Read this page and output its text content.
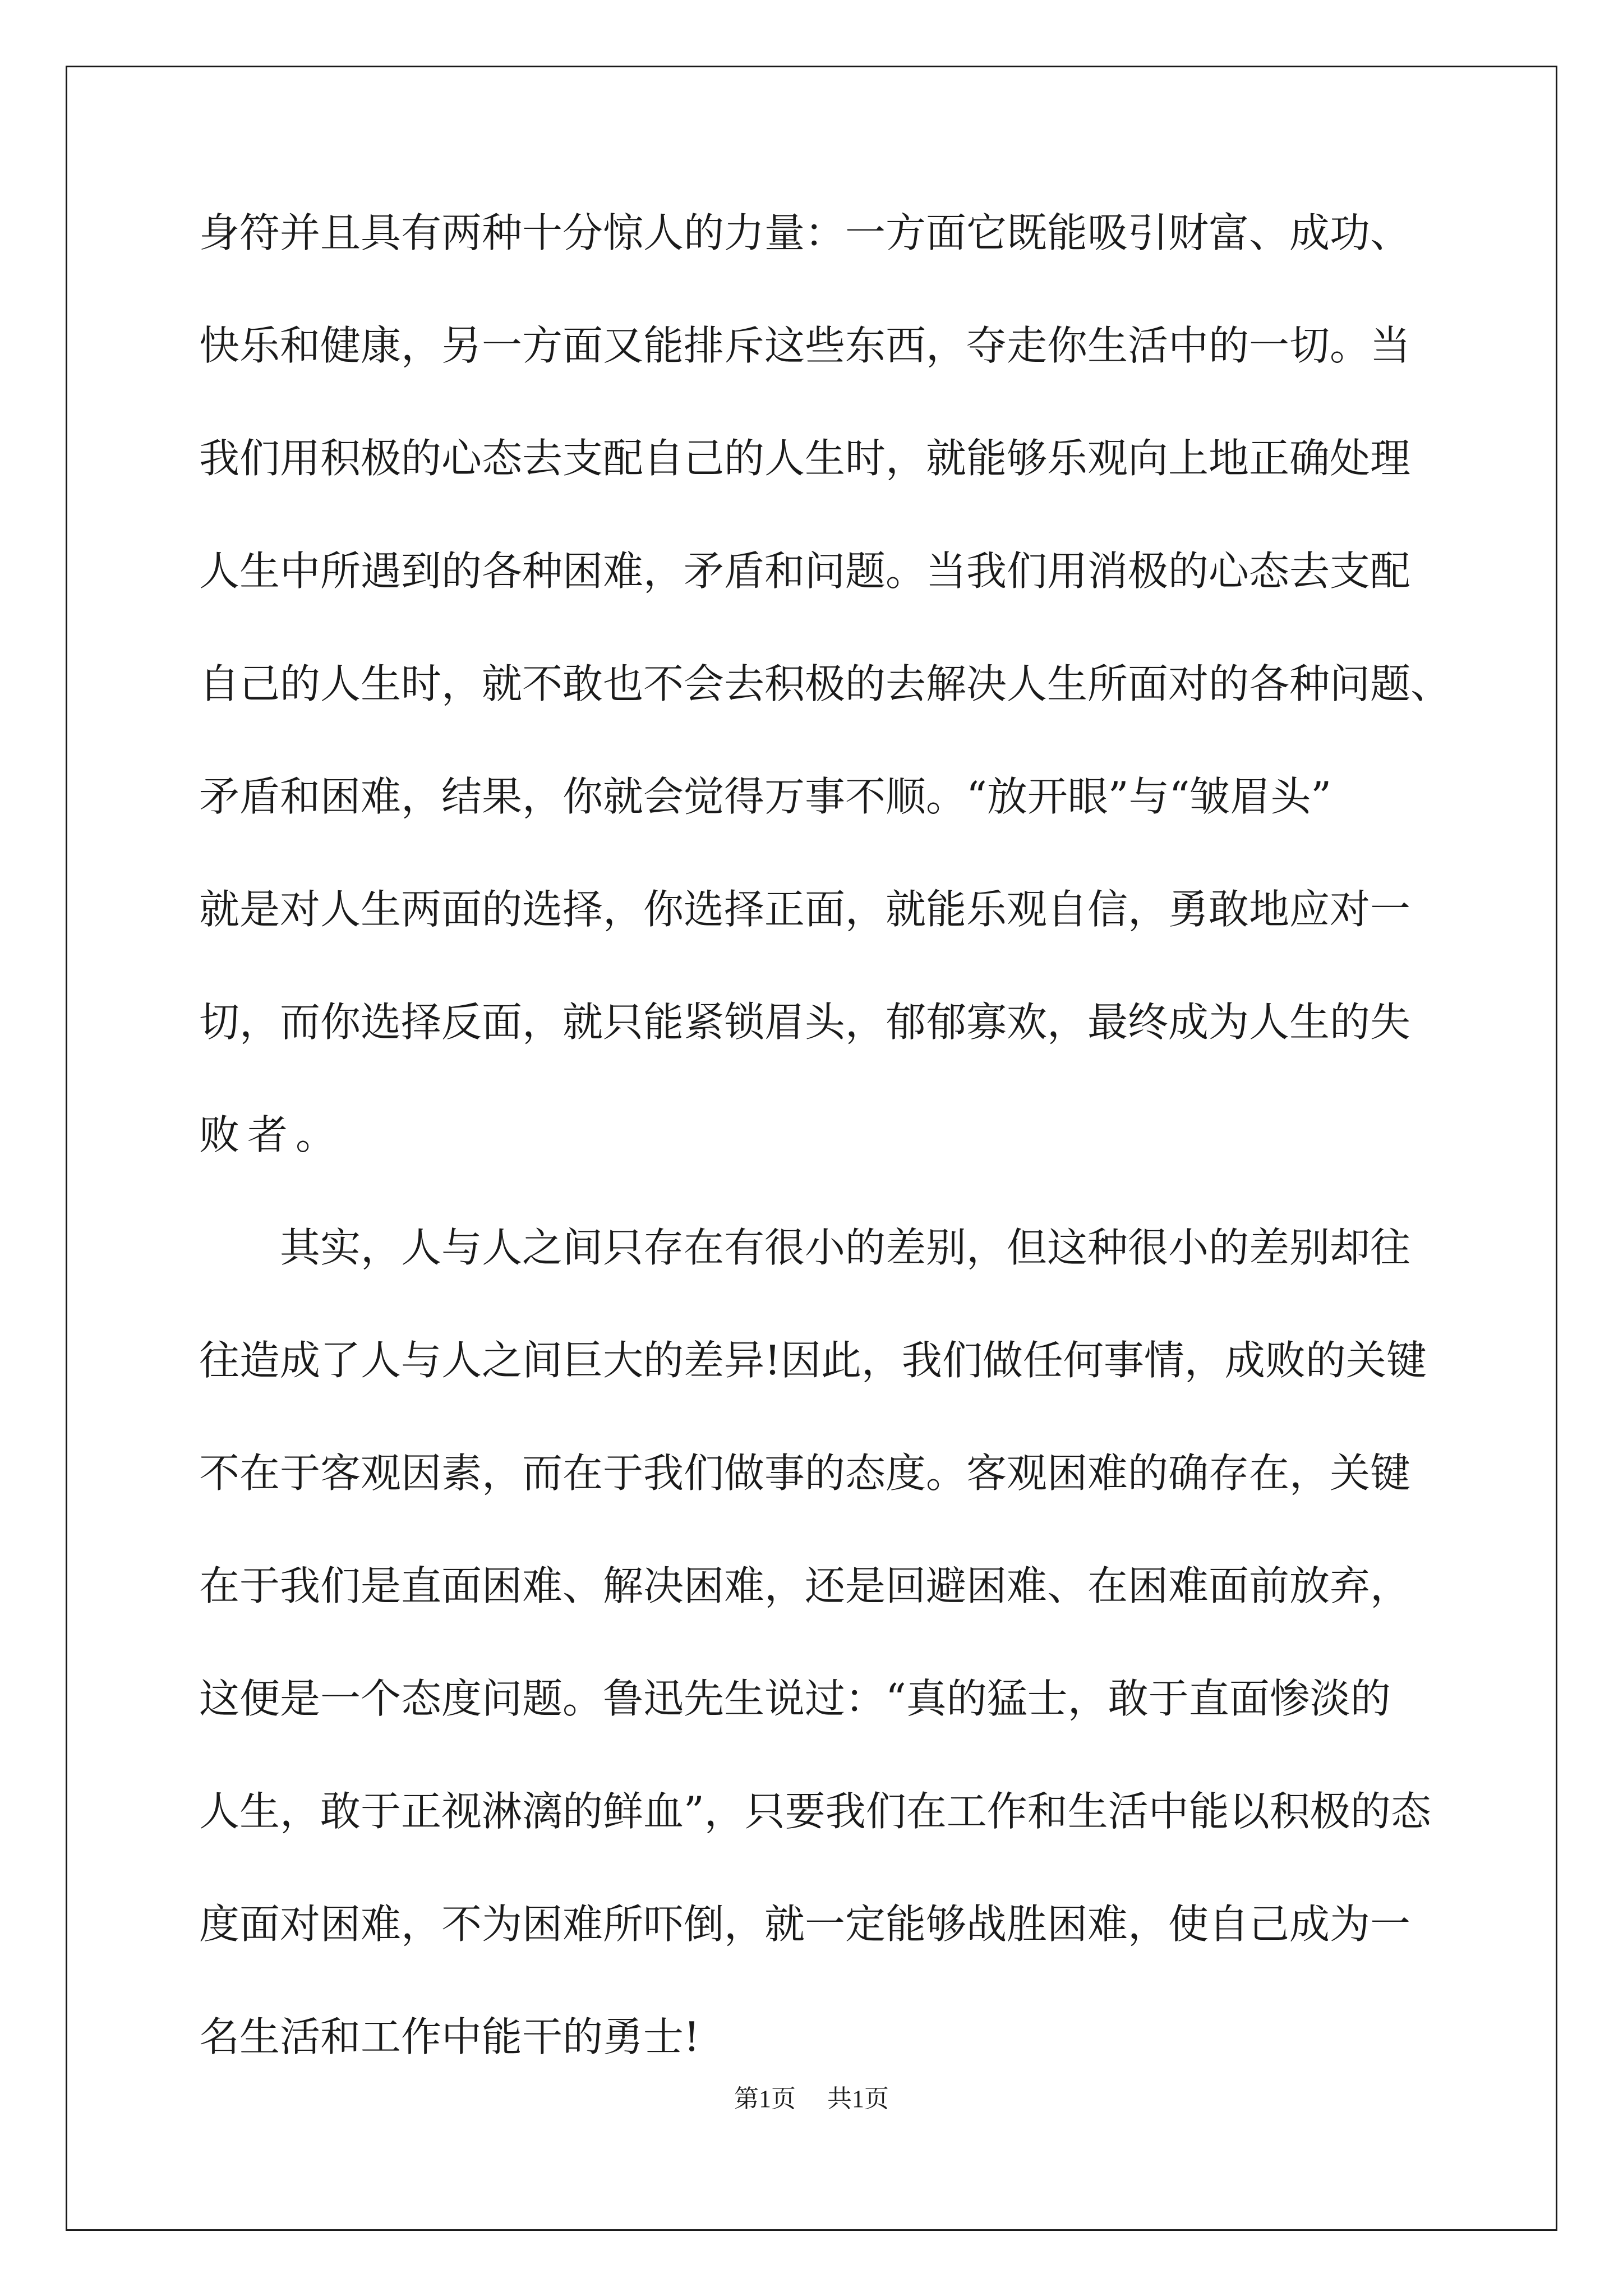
身符并且具有两种十分惊人的力量：一方面它既能吸引财富、成功、
快乐和健康，另一方面又能排斥这些东西，夺走你生活中的一切。当
我们用积极的心态去支配自己的人生时，就能够乐观向上地正确处理
人生中所遇到的各种困难，矛盾和问题。当我们用消极的心态去支配
自己的人生时，就不敢也不会去积极的去解决人生所面对的各种问题、
矛盾和困难，结果，你就会觉得万事不顺。“放开眼”与“皱眉头”
就是对人生两面的选择，你选择正面，就能乐观自信，勇敢地应对一
切，而你选择反面，就只能紧锁眉头，郁郁寡欢，最终成为人生的失
败者。
其实，人与人之间只存在有很小的差别，但这种很小的差别却往
往造成了人与人之间巨大的差异!因此，我们做任何事情，成败的关键
不在于客观因素，而在于我们做事的态度。客观困难的确存在，关键
在于我们是直面困难、解决困难，还是回避困难、在困难面前放弃，
这便是一个态度问题。鲁迅先生说过：“真的猛士，敢于直面惨淡的
人生，敢于正视淋漓的鲜血”，只要我们在工作和生活中能以积极的态
度面对困难，不为困难所吓倒，就一定能够战胜困难，使自己成为一
名生活和工作中能干的勇士!
第1页 共1页
